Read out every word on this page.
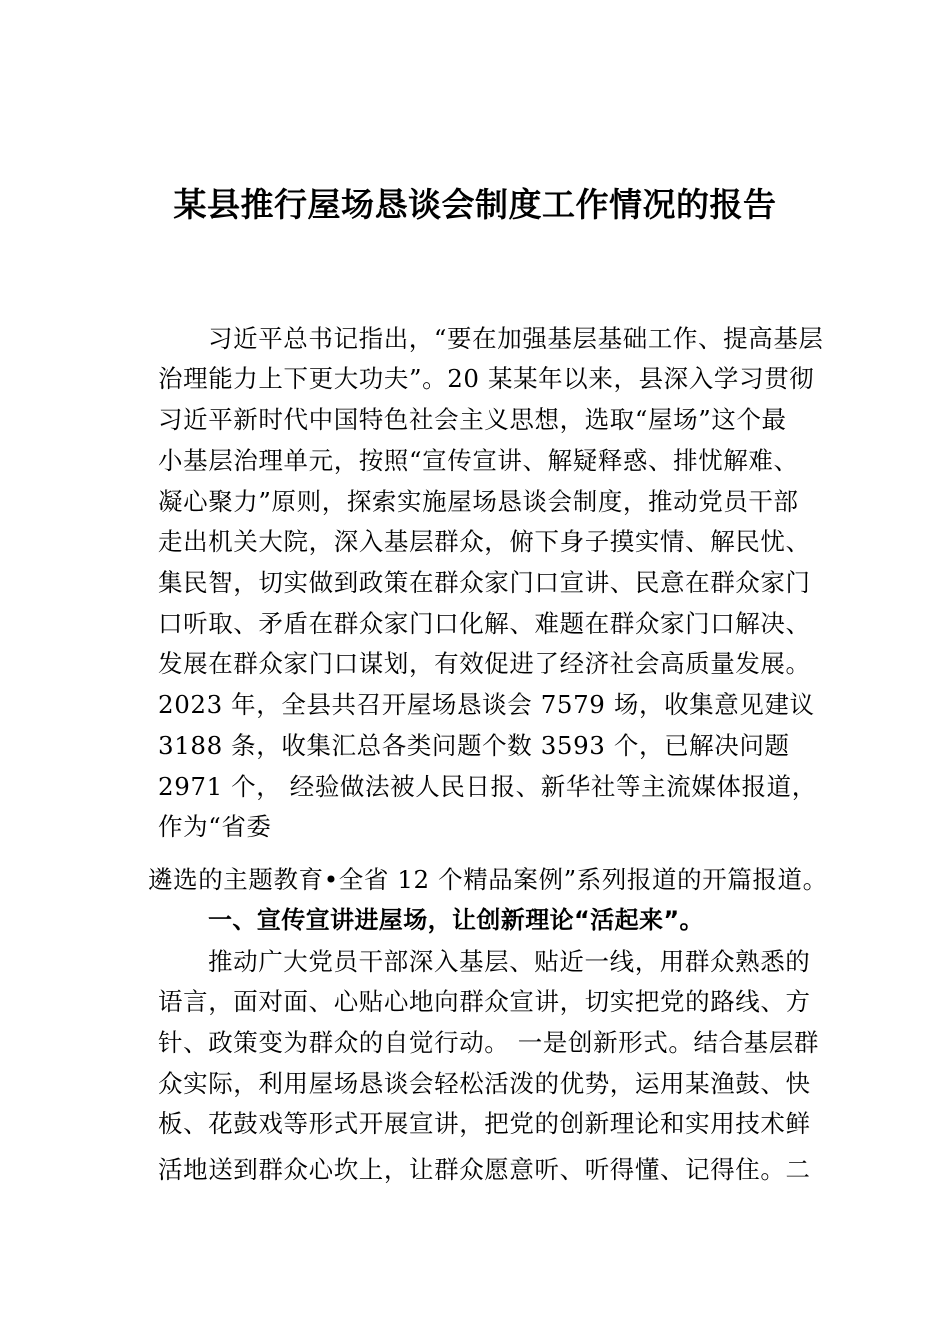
某县推行屋场恳谈会制度工作情况的报告
习近平总书记指出，“要在加强基层基础工作、提高基层
治理能力上下更大功夫”。20 某某年以来，县深入学习贯彻
习近平新时代中国特色社会主义思想，选取“屋场”这个最
小基层治理单元，按照“宣传宣讲、解疑释惑、排忧解难、
凝心聚力”原则，探索实施屋场恳谈会制度，推动党员干部
走出机关大院，深入基层群众，俯下身子摸实情、解民忧、
集民智，切实做到政策在群众家门口宣讲、民意在群众家门
口听取、矛盾在群众家门口化解、难题在群众家门口解决、
发展在群众家门口谋划，有效促进了经济社会高质量发展。
2023 年，全县共召开屋场恳谈会 7579 场，收集意见建议
3188 条，收集汇总各类问题个数 3593 个，已解决问题
2971 个， 经验做法被人民日报、新华社等主流媒体报道，
作为“省委
遴选的主题教育•全省 12 个精品案例”系列报道的开篇报道。
一、宣传宣讲进屋场，让创新理论“活起来”。
推动广大党员干部深入基层、贴近一线，用群众熟悉的
语言，面对面、心贴心地向群众宣讲，切实把党的路线、方
针、政策变为群众的自觉行动。 一是创新形式。结合基层群
众实际，利用屋场恳谈会轻松活泼的优势，运用某渔鼓、快
板、花鼓戏等形式开展宣讲，把党的创新理论和实用技术鲜
活地送到群众心坎上，让群众愿意听、听得懂、记得住。二
